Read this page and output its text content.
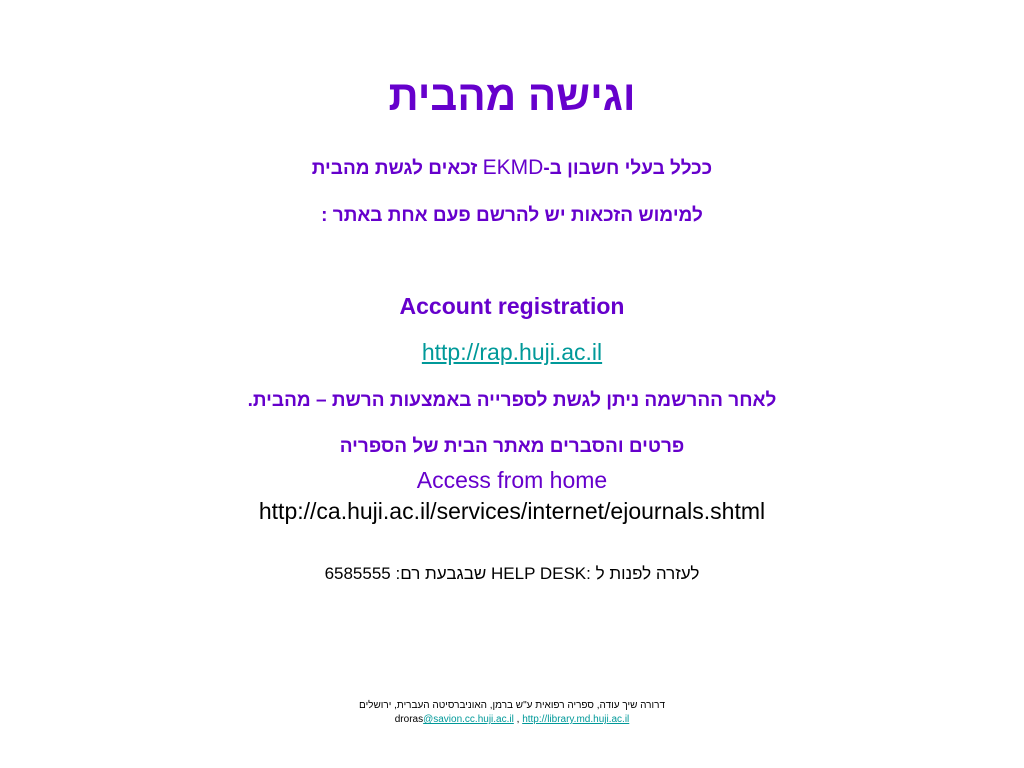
וגישה מהבית
ככלל בעלי חשבון ב-EKMD זכאים לגשת מהבית
למימוש הזכאות יש להרשם פעם אחת באתר :
Account registration
http://rap.huji.ac.il
לאחר ההרשמה ניתן לגשת לספרייה באמצעות הרשת – מהבית.
פרטים והסברים מאתר הבית של הספריה
Access from home
http://ca.huji.ac.il/services/internet/ejournals.shtml
לעזרה לפנות ל HELP DESK: שבגבעת רם: 6585555
דרורה שיך עודה, ספריה רפואית ע"ש ברמן, האוניברסיטה העברית, ירושלים
droras@savion.cc.huji.ac.il , http://library.md.huji.ac.il
